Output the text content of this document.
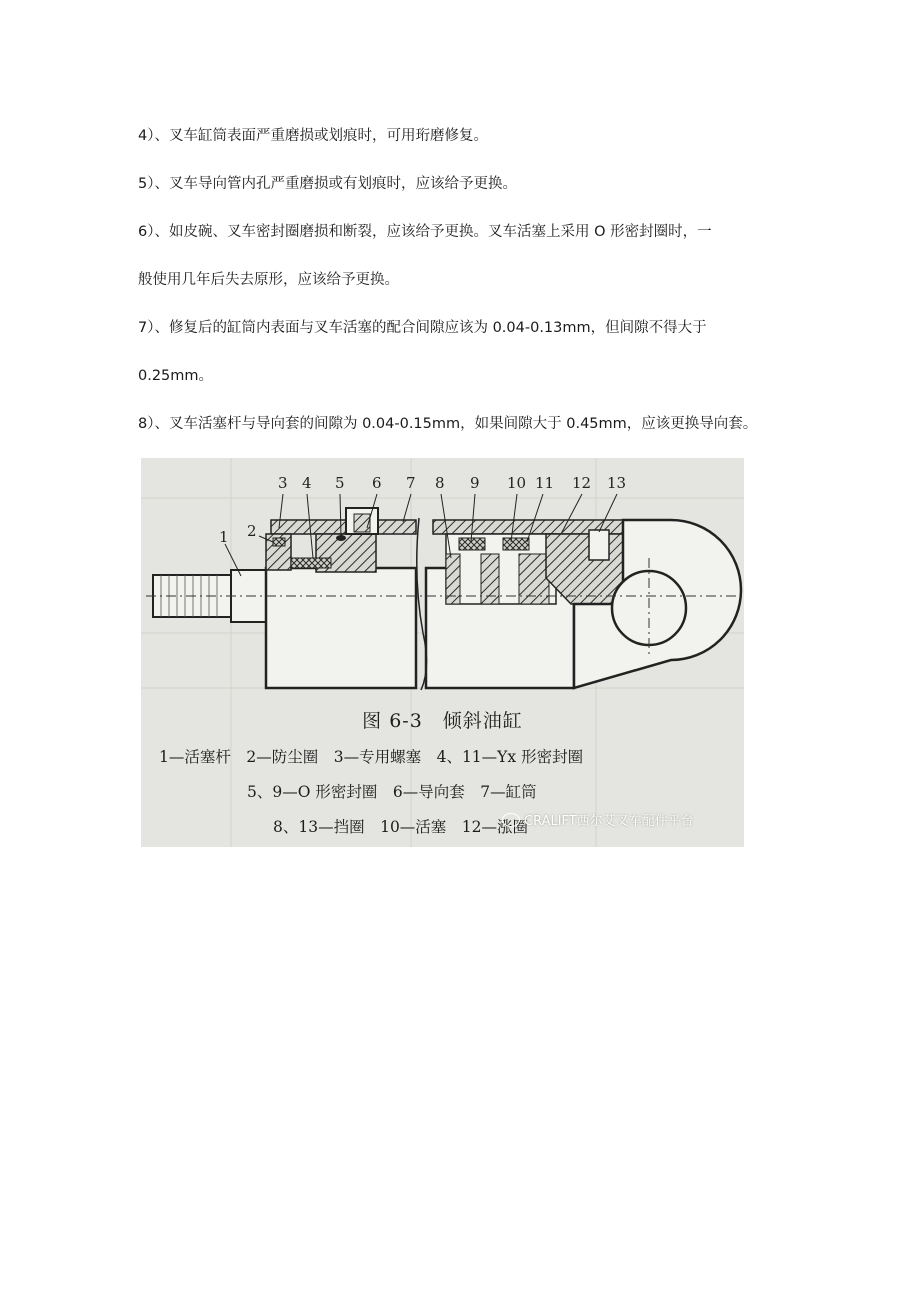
4）、叉车缸筒表面严重磨损或划痕时，可用珩磨修复。

5）、叉车导向管内孔严重磨损或有划痕时，应该给予更换。

6）、如皮碗、叉车密封圈磨损和断裂，应该给予更换。叉车活塞上采用 O 形密封圈时，一

般使用几年后失去原形，应该给予更换。

7）、修复后的缸筒内表面与叉车活塞的配合间隙应该为 0.04-0.13mm，但间隙不得大于

0.25mm。

8）、叉车活塞杆与导向套的间隙为 0.04-0.15mm，如果间隙大于 0.45mm，应该更换导向套。

1 2
3 4 5 6 7 8 9 10 11 12 13

图 6-3　倾斜油缸

1—活塞杆　2—防尘圈　3—专用螺塞　4、11—Yx 形密封圈

5、9—O 形密封圈　6—导向套　7—缸筒

8、13—挡圈　10—活塞　12—涨圈

CRALIFT西尔艾叉车配件平台
